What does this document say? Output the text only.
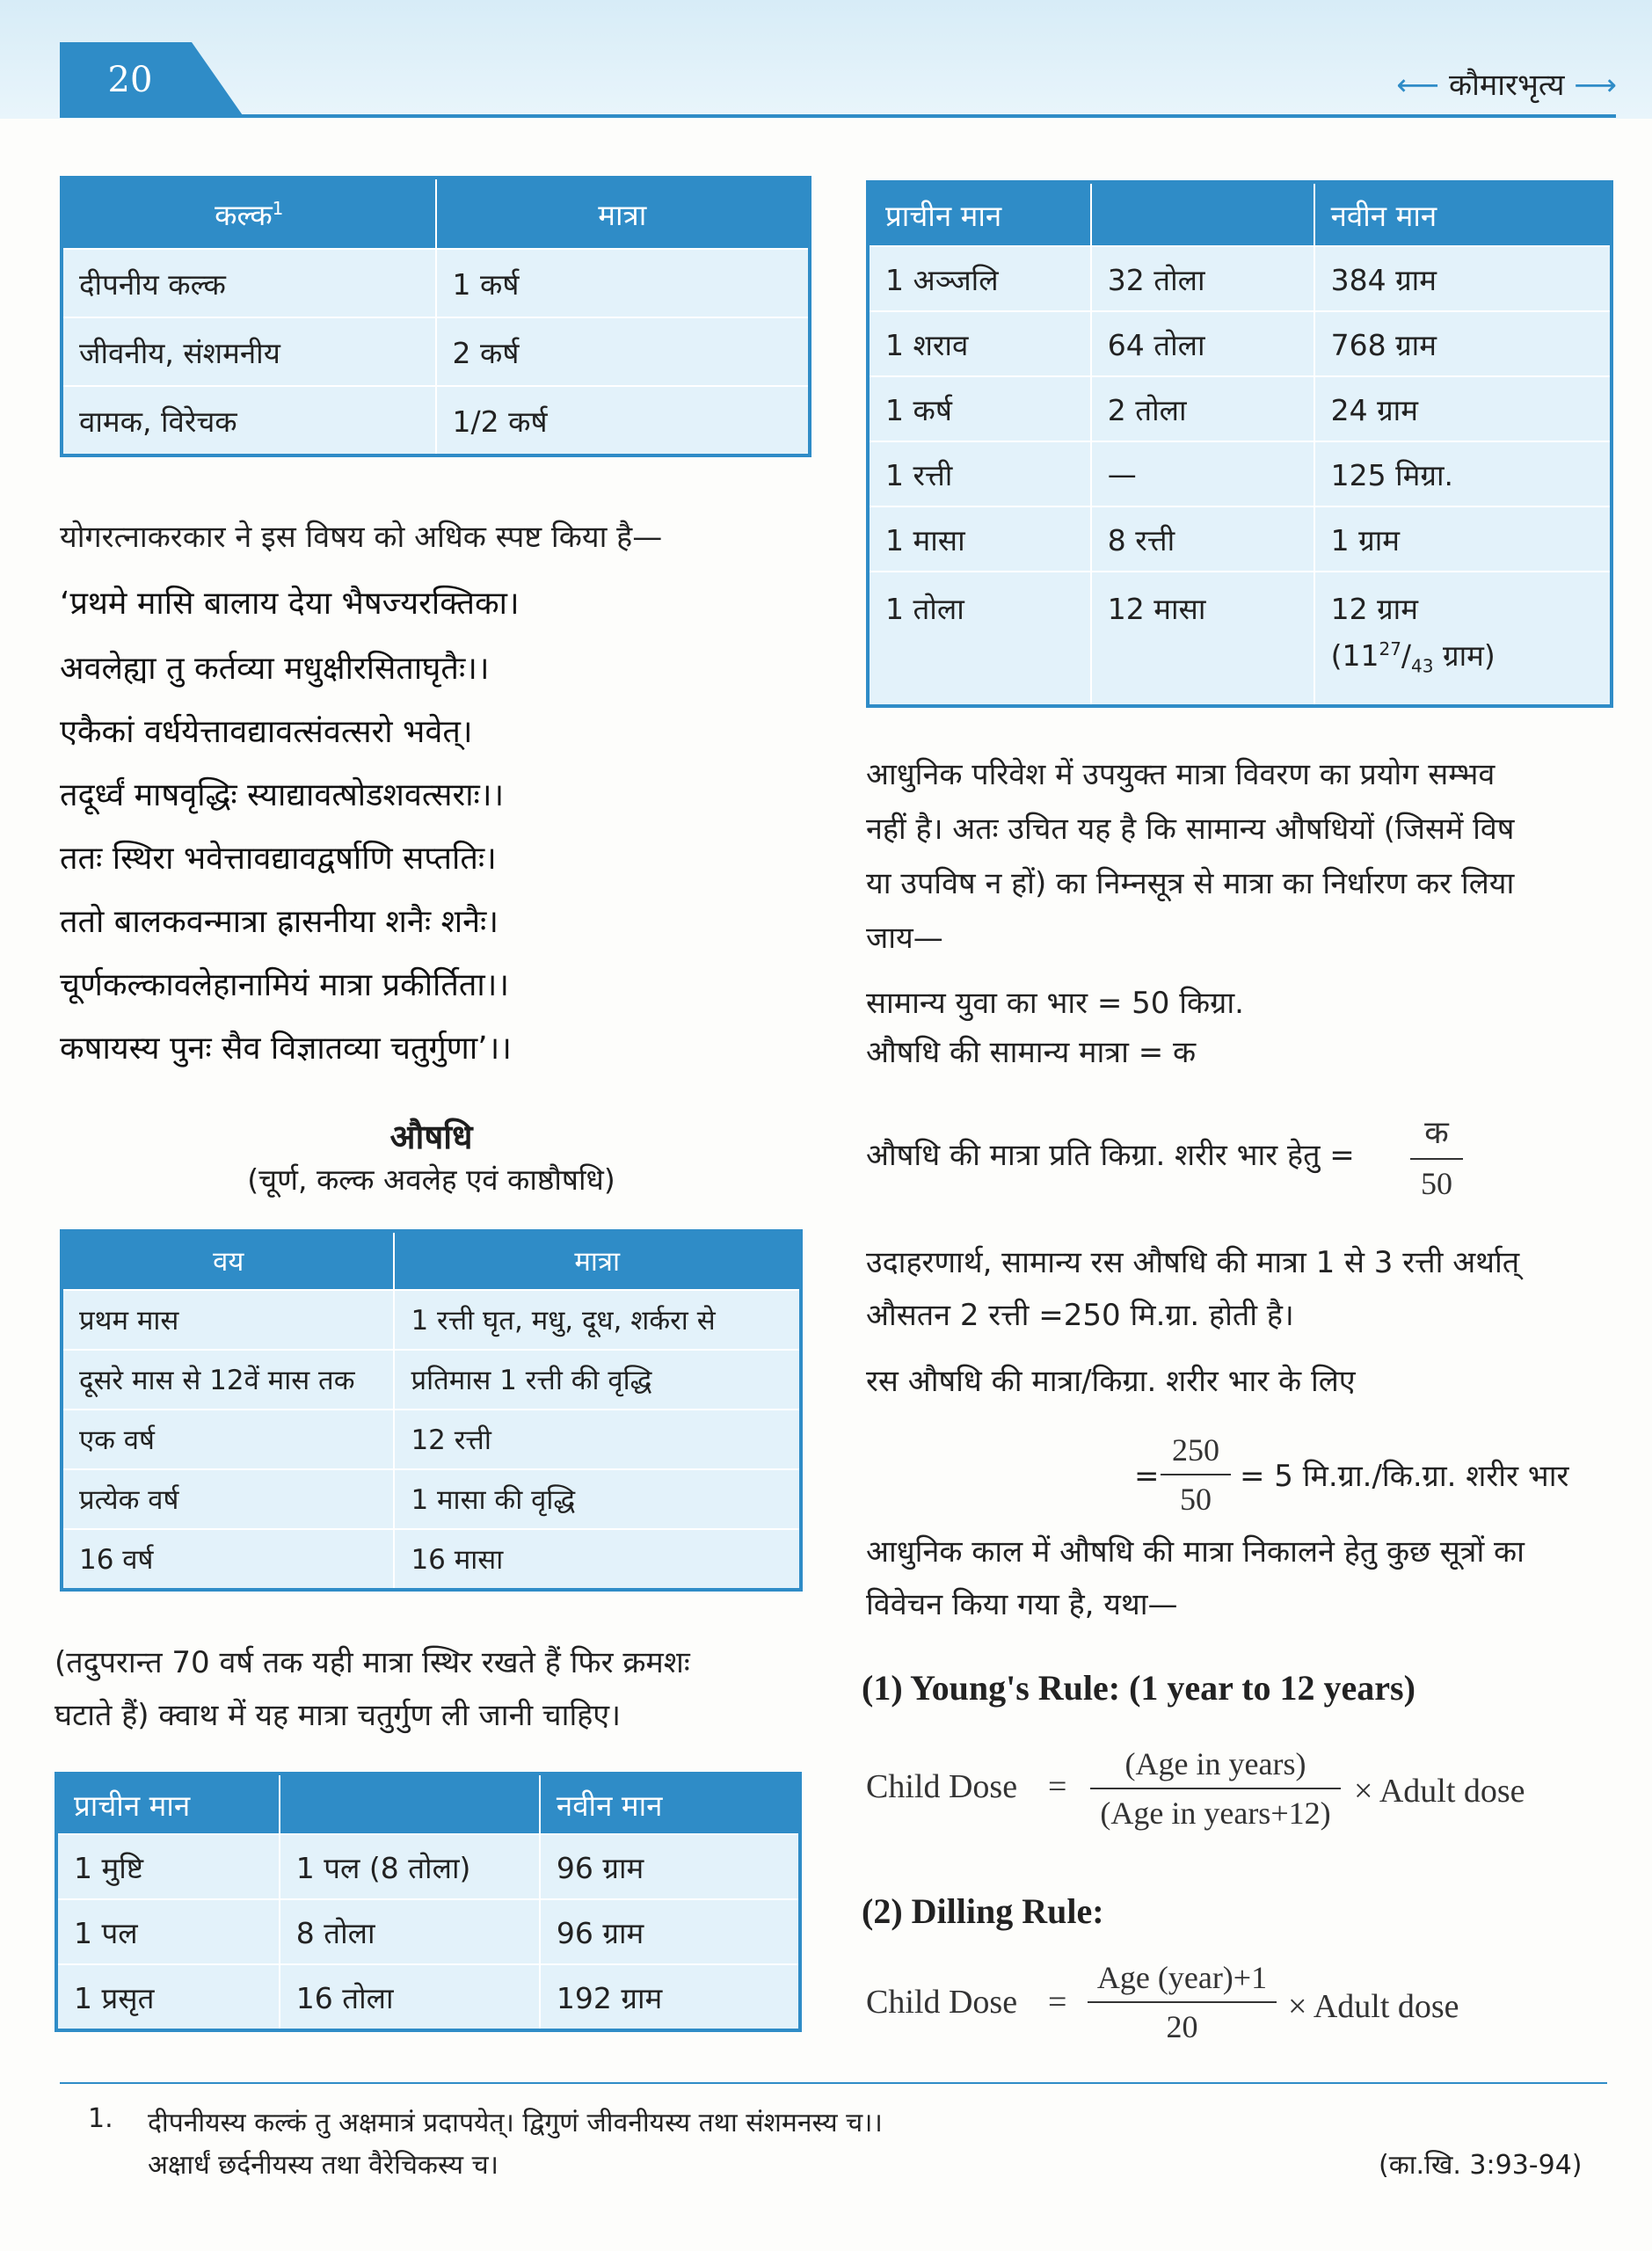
20	⟵ कौमारभृत्य ⟶
कल्क$^1$	मात्रा
दीपनीय कल्क	1 कर्ष
जीवनीय, संशमनीय	2 कर्ष
वामक, विरेचक	1/2 कर्ष
योगरत्नाकरकार ने इस विषय को अधिक स्पष्ट किया है—
‘प्रथमे मासि बालाय देया भैषज्यरक्तिका।
अवलेह्या तु कर्तव्या मधुक्षीरसिताघृतैः।।
एकैकां वर्धयेत्तावद्यावत्संवत्सरो भवेत्।
तदूर्ध्वं माषवृद्धिः स्याद्यावत्षोडशवत्सराः।।
ततः स्थिरा भवेत्तावद्यावद्वर्षाणि सप्ततिः।
ततो बालकवन्मात्रा ह्रासनीया शनैः शनैः।
चूर्णकल्कावलेहानामियं मात्रा प्रकीर्तिता।।
कषायस्य पुनः सैव विज्ञातव्या चतुर्गुणा’।।
औषधि
(चूर्ण, कल्क अवलेह एवं काष्ठौषधि)
वय	मात्रा
प्रथम मास	1 रत्ती घृत, मधु, दूध, शर्करा से
दूसरे मास से 12वें मास तक	प्रतिमास 1 रत्ती की वृद्धि
एक वर्ष	12 रत्ती
प्रत्येक वर्ष	1 मासा की वृद्धि
16 वर्ष	16 मासा
(तदुपरान्त 70 वर्ष तक यही मात्रा स्थिर रखते हैं फिर क्रमशः
घटाते हैं) क्वाथ में यह मात्रा चतुर्गुण ली जानी चाहिए।
प्राचीन मान		नवीन मान
1 मुष्टि	1 पल (8 तोला)	96 ग्राम
1 पल	8 तोला	96 ग्राम
1 प्रसृत	16 तोला	192 ग्राम
प्राचीन मान		नवीन मान
1 अञ्जलि	32 तोला	384 ग्राम
1 शराव	64 तोला	768 ग्राम
1 कर्ष	2 तोला	24 ग्राम
1 रत्ती	—	125 मिग्रा.
1 मासा	8 रत्ती	1 ग्राम
1 तोला	12 मासा	12 ग्राम
($11^{27}/_{43}$ ग्राम)
आधुनिक परिवेश में उपयुक्त मात्रा विवरण का प्रयोग सम्भव
नहीं है। अतः उचित यह है कि सामान्य औषधियों (जिसमें विष
या उपविष न हों) का निम्नसूत्र से मात्रा का निर्धारण कर लिया
जाय—
सामान्य युवा का भार = 50 किग्रा.
औषधि की सामान्य मात्रा = क
औषधि की मात्रा प्रति किग्रा. शरीर भार हेतु =
क
50
उदाहरणार्थ, सामान्य रस औषधि की मात्रा 1 से 3 रत्ती अर्थात्
औसतन 2 रत्ती =250 मि.ग्रा. होती है।
रस औषधि की मात्रा/किग्रा. शरीर भार के लिए
= $\frac{250}{50} = 5$ मि.ग्रा./कि.ग्रा. शरीर भार
आधुनिक काल में औषधि की मात्रा निकालने हेतु कुछ सूत्रों का
विवेचन किया गया है, यथा—
(1) Young's Rule: (1 year to 12 years)
Child Dose =
(Age in years)
(Age in years+12)
× Adult dose
(2) Dilling Rule:
Child Dose =
Age (year)+1
20
× Adult dose
1. दीपनीयस्य कल्कं तु अक्षमात्रं प्रदापयेत्। द्विगुणं जीवनीयस्य तथा संशमनस्य च।।
अक्षार्धं छर्दनीयस्य तथा वैरेचिकस्य च।	(का.खि. 3:93-94)
